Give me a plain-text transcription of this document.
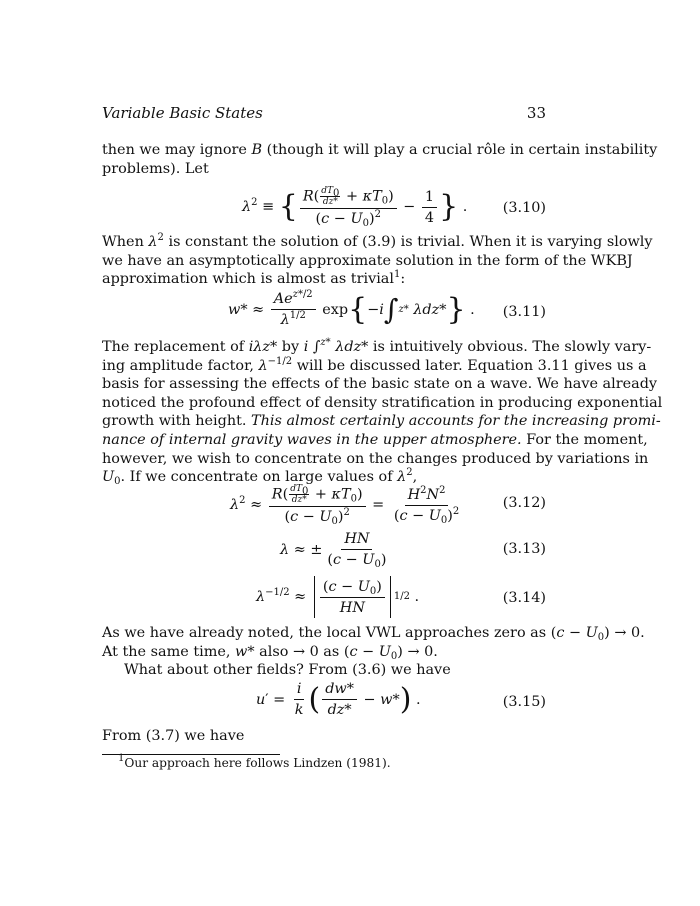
Variable Basic States	33
then we may ignore B (though it will play a crucial rôle in certain instability
problems). Let
$\lambda^2$ ≡ { $\frac{R( \frac{dT_0}{dz*} + \kappa T_0)}{(c - U_0)^2} - \frac{1}{4}$ } . (3.10)
When $\lambda^2$ is constant the solution of (3.9) is trivial. When it is varying slowly
we have an asymptotically approximate solution in the form of the WKBJ
approximation which is almost as trivial$^1$:
$w* \approx \frac{Ae^{z*/2}}{\lambda^{1/2}}$ exp { −i ∫ z* λdz* } . (3.11)
The replacement of iλz* by i ∫$^{z*}$ λdz* is intuitively obvious. The slowly vary-
ing amplitude factor, $\lambda^{-1/2}$ will be discussed later. Equation 3.11 gives us a
basis for assessing the effects of the basic state on a wave. We have already
noticed the profound effect of density stratification in producing exponential
growth with height. This almost certainly accounts for the increasing promi-
nance of internal gravity waves in the upper atmosphere. For the moment,
however, we wish to concentrate on the changes produced by variations in
$U_0$. If we concentrate on large values of $\lambda^2$,
$\lambda^2 \approx \frac{R( \frac{dT_0}{dz*} + \kappa T_0)}{(c - U_0)^2} = \frac{H^2N^2}{(c - U_0)^2}$	(3.12)
λ ≈ ± $\frac{HN}{(c - U_0)}$	(3.13)
$\lambda^{-1/2} \approx \frac{(c - U_0)}{HN} 1/2$ .	(3.14)
As we have already noted, the local VWL approaches zero as $(c - U_0) \to 0$.
At the same time, w* also → 0 as $(c - U_0) \to 0$.
What about other fields? From (3.6) we have
$u' = \frac{i}{k}$ ( $\frac{dw*}{dz*} - w*$ ) .	(3.15)
From (3.7) we have
$^1$Our approach here follows Lindzen (1981).
